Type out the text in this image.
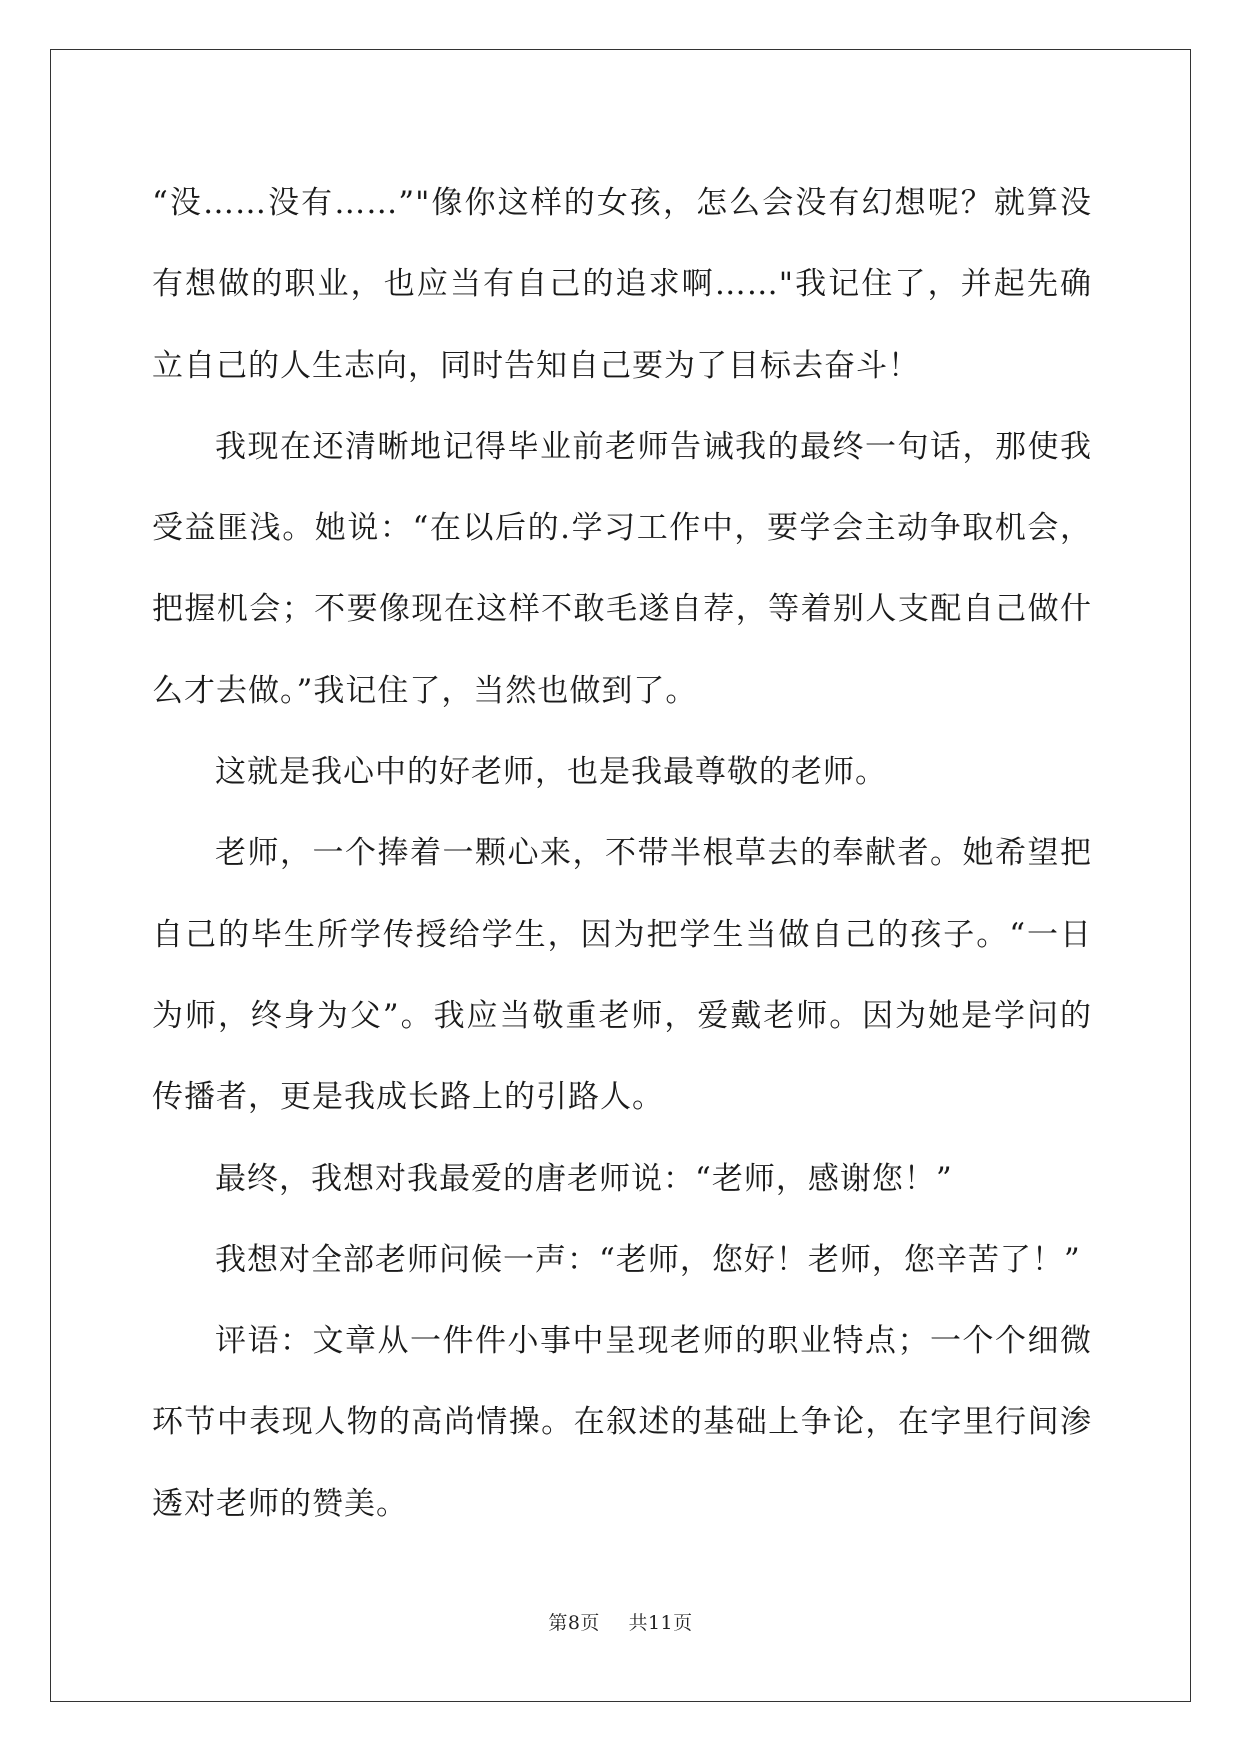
“没……没有……”"像你这样的女孩，怎么会没有幻想呢？就算没有想做的职业，也应当有自己的追求啊……"我记住了，并起先确立自己的人生志向，同时告知自己要为了目标去奋斗！

我现在还清晰地记得毕业前老师告诫我的最终一句话，那使我受益匪浅。她说：“在以后的.学习工作中，要学会主动争取机会，把握机会；不要像现在这样不敢毛遂自荐，等着别人支配自己做什么才去做。”我记住了，当然也做到了。

这就是我心中的好老师，也是我最尊敬的老师。

老师，一个捧着一颗心来，不带半根草去的奉献者。她希望把自己的毕生所学传授给学生，因为把学生当做自己的孩子。“一日为师，终身为父”。我应当敬重老师，爱戴老师。因为她是学问的传播者，更是我成长路上的引路人。

最终，我想对我最爱的唐老师说：“老师，感谢您！”

我想对全部老师问候一声：“老师，您好！老师，您辛苦了！”

评语：文章从一件件小事中呈现老师的职业特点；一个个细微环节中表现人物的高尚情操。在叙述的基础上争论，在字里行间渗透对老师的赞美。

第8页 共11页
